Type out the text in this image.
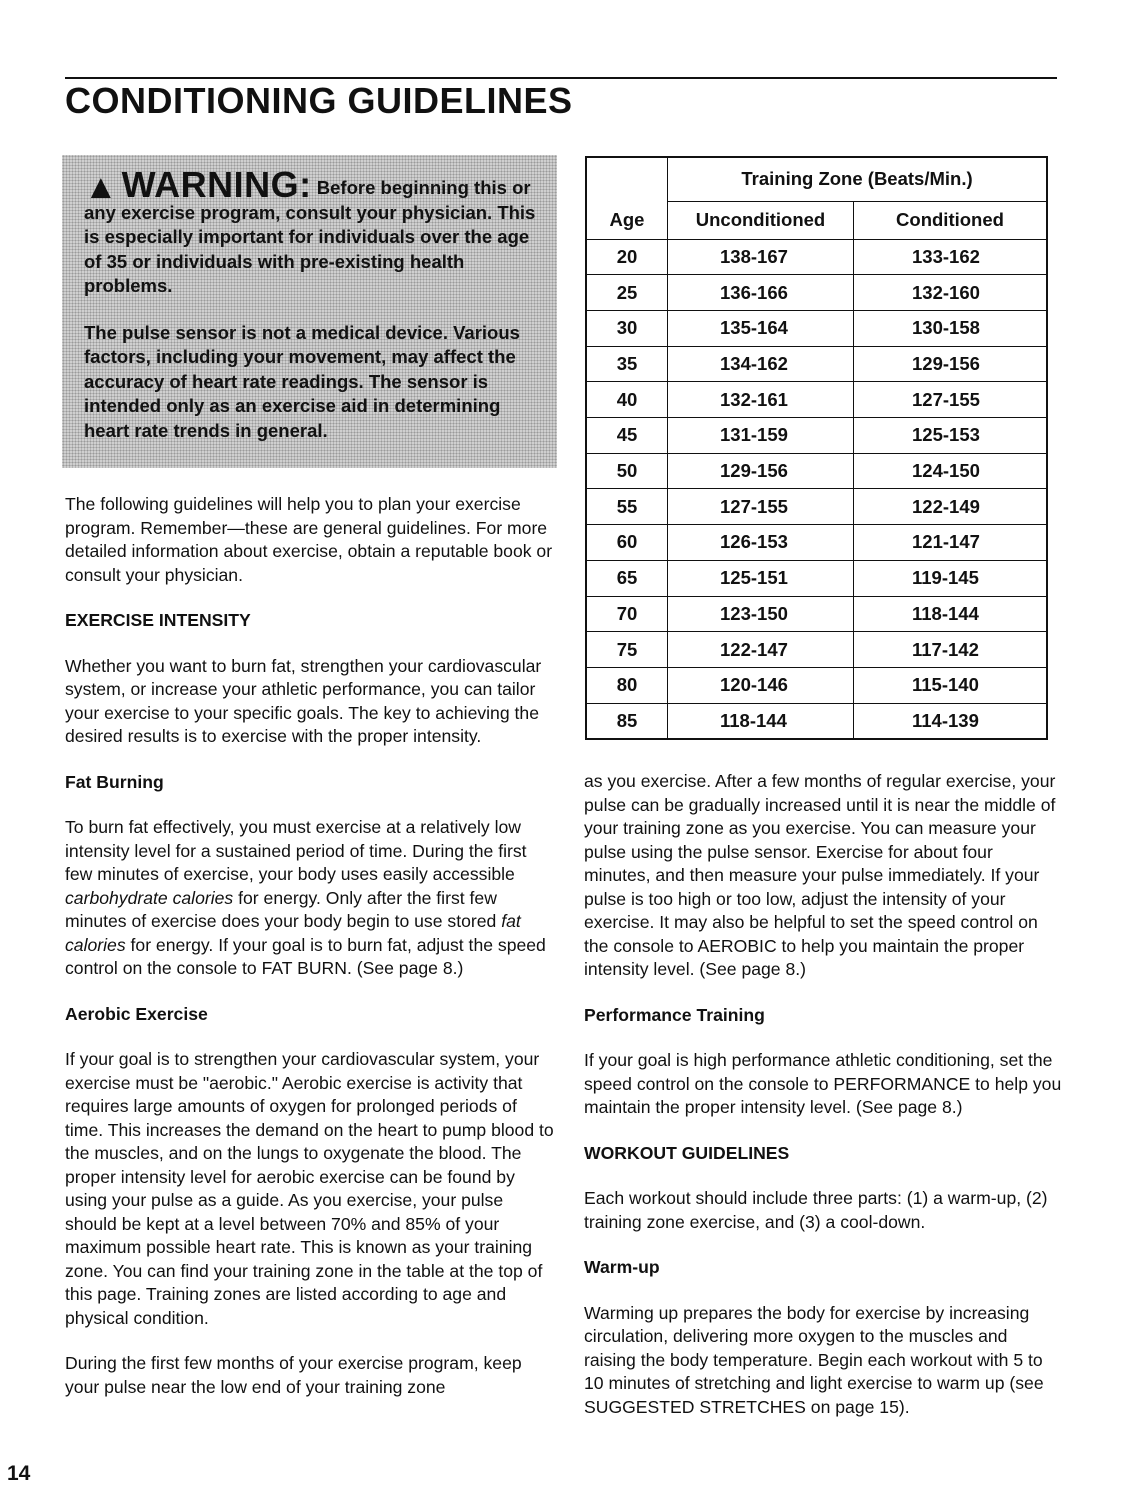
CONDITIONING GUIDELINES

▲ WARNING: Before beginning this or any exercise program, consult your physician. This is especially important for individuals over the age of 35 or individuals with pre-existing health problems.

The pulse sensor is not a medical device. Various factors, including your movement, may affect the accuracy of heart rate readings. The sensor is intended only as an exercise aid in determining heart rate trends in general.

Age	Training Zone (Beats/Min.)	
	Unconditioned	Conditioned
20	138-167	133-162
25	136-166	132-160
30	135-164	130-158
35	134-162	129-156
40	132-161	127-155
45	131-159	125-153
50	129-156	124-150
55	127-155	122-149
60	126-153	121-147
65	125-151	119-145
70	123-150	118-144
75	122-147	117-142
80	120-146	115-140
85	118-144	114-139

The following guidelines will help you to plan your exercise program. Remember—these are general guidelines. For more detailed information about exercise, obtain a reputable book or consult your physician.

EXERCISE INTENSITY

Whether you want to burn fat, strengthen your cardiovascular system, or increase your athletic performance, you can tailor your exercise to your specific goals. The key to achieving the desired results is to exercise with the proper intensity.

Fat Burning

To burn fat effectively, you must exercise at a relatively low intensity level for a sustained period of time. During the first few minutes of exercise, your body uses easily accessible carbohydrate calories for energy. Only after the first few minutes of exercise does your body begin to use stored fat calories for energy. If your goal is to burn fat, adjust the speed control on the console to FAT BURN. (See page 8.)

Aerobic Exercise

If your goal is to strengthen your cardiovascular system, your exercise must be "aerobic." Aerobic exercise is activity that requires large amounts of oxygen for prolonged periods of time. This increases the demand on the heart to pump blood to the muscles, and on the lungs to oxygenate the blood. The proper intensity level for aerobic exercise can be found by using your pulse as a guide. As you exercise, your pulse should be kept at a level between 70% and 85% of your maximum possible heart rate. This is known as your training zone. You can find your training zone in the table at the top of this page. Training zones are listed according to age and physical condition.

During the first few months of your exercise program, keep your pulse near the low end of your training zone

as you exercise. After a few months of regular exercise, your pulse can be gradually increased until it is near the middle of your training zone as you exercise. You can measure your pulse using the pulse sensor. Exercise for about four minutes, and then measure your pulse immediately. If your pulse is too high or too low, adjust the intensity of your exercise. It may also be helpful to set the speed control on the console to AEROBIC to help you maintain the proper intensity level. (See page 8.)

Performance Training

If your goal is high performance athletic conditioning, set the speed control on the console to PERFORMANCE to help you maintain the proper intensity level. (See page 8.)

WORKOUT GUIDELINES

Each workout should include three parts: (1) a warm-up, (2) training zone exercise, and (3) a cool-down.

Warm-up

Warming up prepares the body for exercise by increasing circulation, delivering more oxygen to the muscles and raising the body temperature. Begin each workout with 5 to 10 minutes of stretching and light exercise to warm up (see SUGGESTED STRETCHES on page 15).

14
